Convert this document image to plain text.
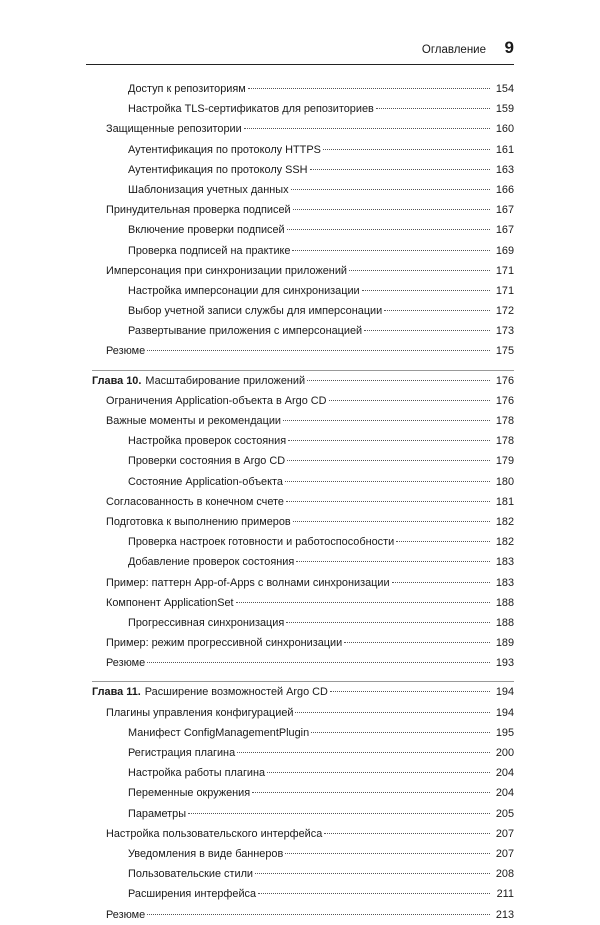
Оглавление 9
Доступ к репозиториям	154
Настройка TLS-сертификатов для репозиториев	159
Защищенные репозитории	160
Аутентификация по протоколу HTTPS	161
Аутентификация по протоколу SSH	163
Шаблонизация учетных данных	166
Принудительная проверка подписей	167
Включение проверки подписей	167
Проверка подписей на практике	169
Имперсонация при синхронизации приложений	171
Настройка имперсонации для синхронизации	171
Выбор учетной записи службы для имперсонации	172
Развертывание приложения с имперсонацией	173
Резюме	175
Глава 10. Масштабирование приложений	176
Ограничения Application-объекта в Argo CD	176
Важные моменты и рекомендации	178
Настройка проверок состояния	178
Проверки состояния в Argo CD	179
Состояние Application-объекта	180
Согласованность в конечном счете	181
Подготовка к выполнению примеров	182
Проверка настроек готовности и работоспособности	182
Добавление проверок состояния	183
Пример: паттерн App-of-Apps с волнами синхронизации	183
Компонент ApplicationSet	188
Прогрессивная синхронизация	188
Пример: режим прогрессивной синхронизации	189
Резюме	193
Глава 11. Расширение возможностей Argo CD	194
Плагины управления конфигурацией	194
Манифест ConfigManagementPlugin	195
Регистрация плагина	200
Настройка работы плагина	204
Переменные окружения	204
Параметры	205
Настройка пользовательского интерфейса	207
Уведомления в виде баннеров	207
Пользовательские стили	208
Расширения интерфейса	211
Резюме	213
